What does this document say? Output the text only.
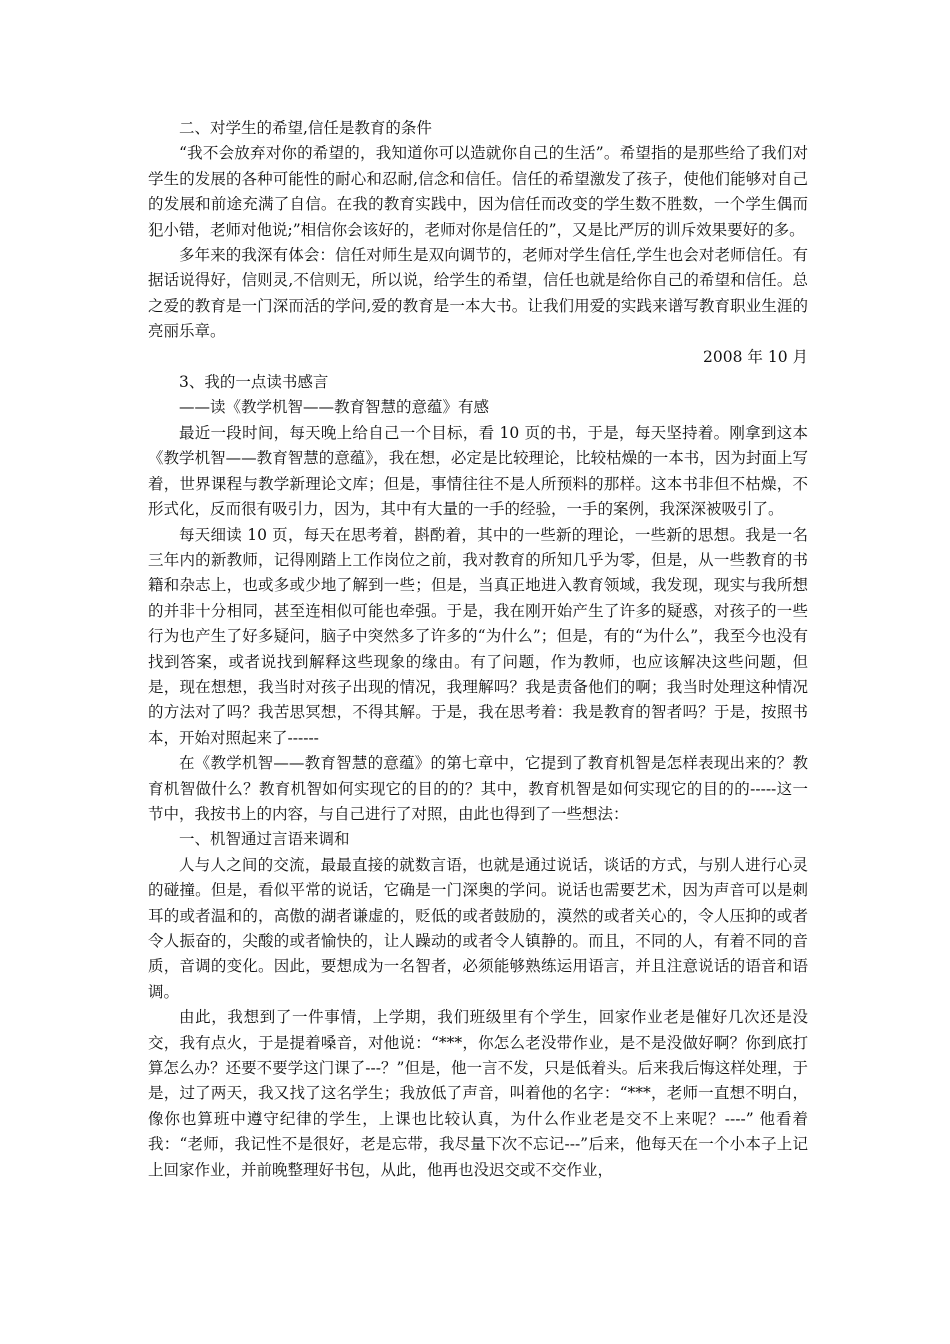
二、对学生的希望,信任是教育的条件

“我不会放弃对你的希望的，我知道你可以造就你自己的生活”。希望指的是那些给了我们对学生的发展的各种可能性的耐心和忍耐,信念和信任。信任的希望激发了孩子，使他们能够对自己的发展和前途充满了自信。在我的教育实践中，因为信任而改变的学生数不胜数，一个学生偶而犯小错，老师对他说;”相信你会该好的，老师对你是信任的”，又是比严厉的训斥效果要好的多。

多年来的我深有体会：信任对师生是双向调节的，老师对学生信任,学生也会对老师信任。有据话说得好，信则灵,不信则无，所以说，给学生的希望，信任也就是给你自己的希望和信任。总之爱的教育是一门深而活的学问,爱的教育是一本大书。让我们用爱的实践来谱写教育职业生涯的亮丽乐章。

2008 年 10 月

3、我的一点读书感言

——读《教学机智——教育智慧的意蕴》有感

最近一段时间，每天晚上给自己一个目标，看 10 页的书，于是，每天坚持着。刚拿到这本《教学机智——教育智慧的意蕴》，我在想，必定是比较理论，比较枯燥的一本书，因为封面上写着，世界课程与教学新理论文库；但是，事情往往不是人所预料的那样。这本书非但不枯燥，不形式化，反而很有吸引力，因为，其中有大量的一手的经验，一手的案例，我深深被吸引了。

每天细读 10 页，每天在思考着，斟酌着，其中的一些新的理论，一些新的思想。我是一名三年内的新教师，记得刚踏上工作岗位之前，我对教育的所知几乎为零，但是，从一些教育的书籍和杂志上，也或多或少地了解到一些；但是，当真正地进入教育领域，我发现，现实与我所想的并非十分相同，甚至连相似可能也牵强。于是，我在刚开始产生了许多的疑惑，对孩子的一些行为也产生了好多疑问，脑子中突然多了许多的“为什么”；但是，有的“为什么”，我至今也没有找到答案，或者说找到解释这些现象的缘由。有了问题，作为教师，也应该解决这些问题，但是，现在想想，我当时对孩子出现的情况，我理解吗？我是责备他们的啊；我当时处理这种情况的方法对了吗？我苦思冥想，不得其解。于是，我在思考着：我是教育的智者吗？于是，按照书本，开始对照起来了------

在《教学机智——教育智慧的意蕴》的第七章中，它提到了教育机智是怎样表现出来的？教育机智做什么？教育机智如何实现它的目的的？其中，教育机智是如何实现它的目的的-----这一节中，我按书上的内容，与自己进行了对照，由此也得到了一些想法：

一、机智通过言语来调和

人与人之间的交流，最最直接的就数言语，也就是通过说话，谈话的方式，与别人进行心灵的碰撞。但是，看似平常的说话，它确是一门深奥的学问。说话也需要艺术，因为声音可以是刺耳的或者温和的，高傲的湖者谦虚的，贬低的或者鼓励的，漠然的或者关心的，令人压抑的或者令人振奋的，尖酸的或者愉快的，让人躁动的或者令人镇静的。而且，不同的人，有着不同的音质，音调的变化。因此，要想成为一名智者，必须能够熟练运用语言，并且注意说话的语音和语调。

由此，我想到了一件事情，上学期，我们班级里有个学生，回家作业老是催好几次还是没交，我有点火，于是提着嗓音，对他说：“***，你怎么老没带作业，是不是没做好啊？你到底打算怎么办？还要不要学这门课了---？”但是，他一言不发，只是低着头。后来我后悔这样处理，于是，过了两天，我又找了这名学生；我放低了声音，叫着他的名字：“***，老师一直想不明白，像你也算班中遵守纪律的学生，上课也比较认真，为什么作业老是交不上来呢？----” 他看着我：“老师，我记性不是很好，老是忘带，我尽量下次不忘记---”后来，他每天在一个小本子上记上回家作业，并前晚整理好书包，从此，他再也没迟交或不交作业，
